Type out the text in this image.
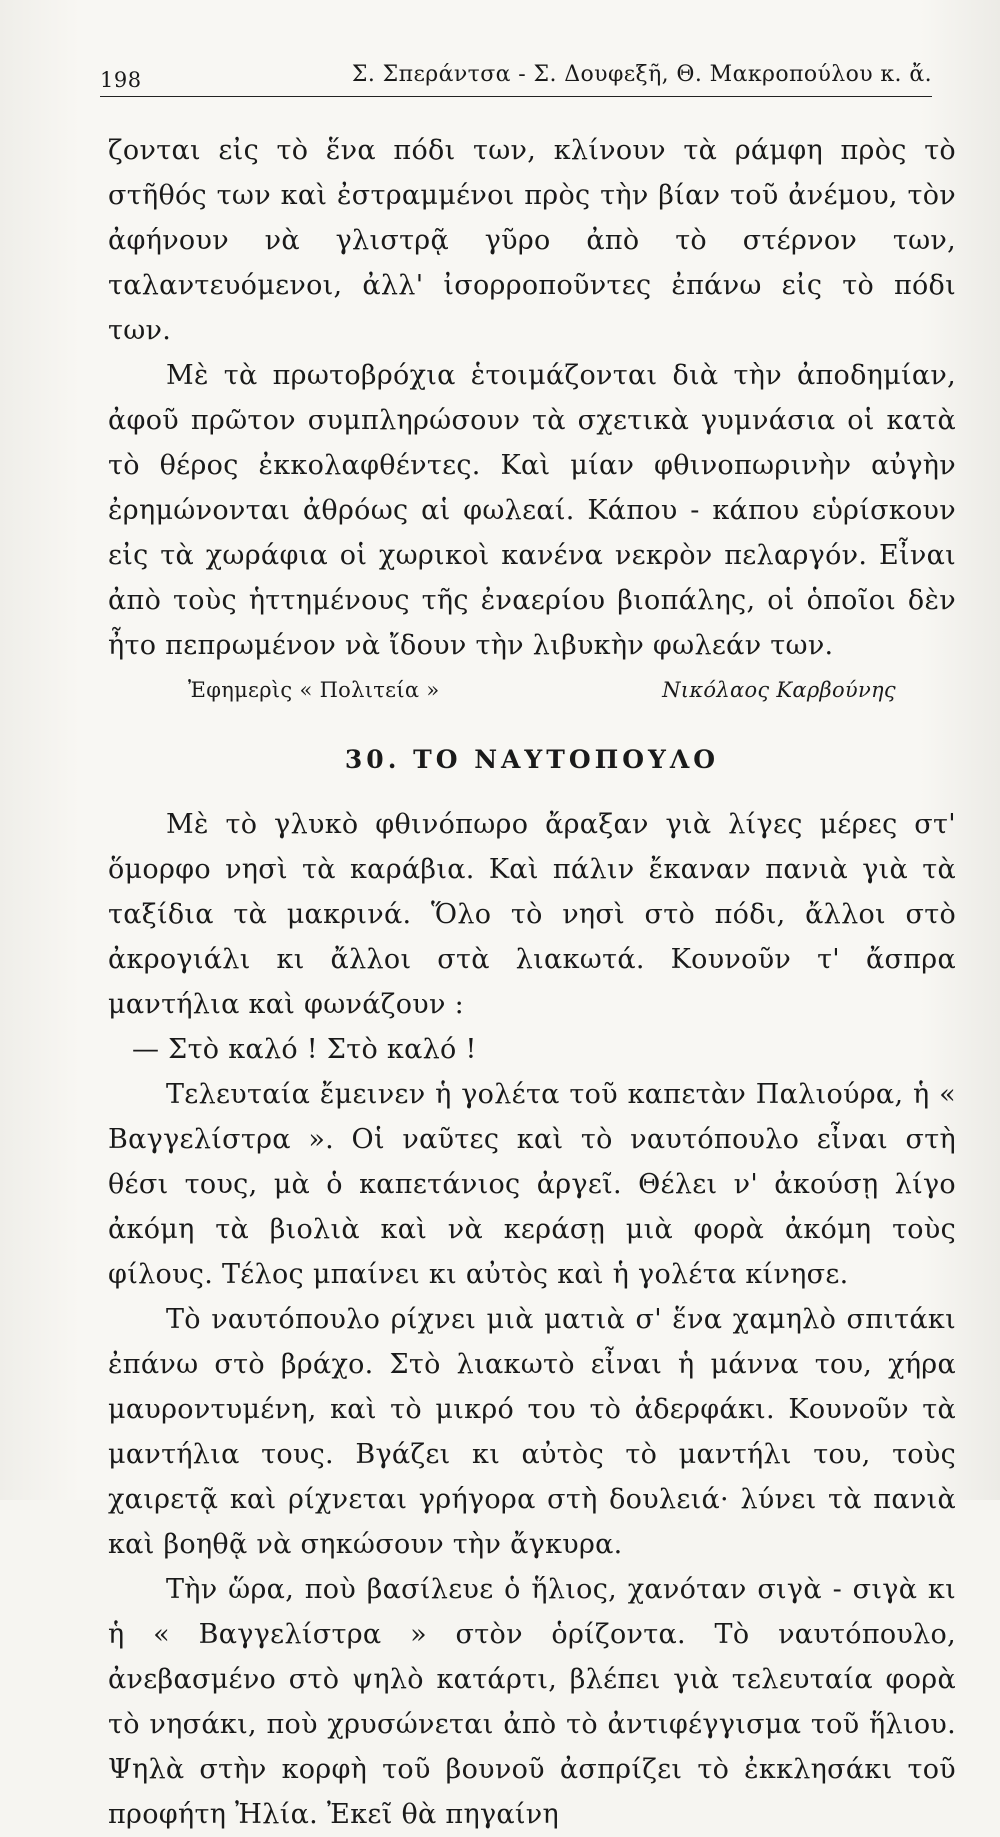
198	Σ. Σπεράντσα - Σ. Δουφεξῆ, Θ. Μακροπούλου κ. ἄ.

ζονται εἰς τὸ ἕνα πόδι των, κλίνουν τὰ ράμφη πρὸς τὸ στῆθός των καὶ ἐστραμμένοι πρὸς τὴν βίαν τοῦ ἀνέμου, τὸν ἀφήνουν νὰ γλιστρᾷ γῦρο ἀπὸ τὸ στέρνον των, ταλαντευόμενοι, ἀλλ' ἰσορροποῦντες ἐπάνω εἰς τὸ πόδι των.

Μὲ τὰ πρωτοβρόχια ἑτοιμάζονται διὰ τὴν ἀποδημίαν, ἀφοῦ πρῶτον συμπληρώσουν τὰ σχετικὰ γυμνάσια οἱ κατὰ τὸ θέρος ἐκκολαφθέντες. Καὶ μίαν φθινοπωρινὴν αὐγὴν ἐρημώνονται ἀθρόως αἱ φωλεαί. Κάπου - κάπου εὑρίσκουν εἰς τὰ χωράφια οἱ χωρικοὶ κανένα νεκρὸν πελαργόν. Εἶναι ἀπὸ τοὺς ἡττημένους τῆς ἐναερίου βιοπάλης, οἱ ὁποῖοι δὲν ἦτο πεπρωμένον νὰ ἴδουν τὴν λιβυκὴν φωλεάν των.

Ἐφημερὶς « Πολιτεία »	Νικόλαος Καρβούνης
30. ΤΟ ΝΑΥΤΟΠΟΥΛΟ

Μὲ τὸ γλυκὸ φθινόπωρο ἄραξαν γιὰ λίγες μέρες στ' ὅμορφο νησὶ τὰ καράβια. Καὶ πάλιν ἔκαναν πανιὰ γιὰ τὰ ταξίδια τὰ μακρινά. Ὅλο τὸ νησὶ στὸ πόδι, ἄλλοι στὸ ἀκρογιάλι κι ἄλλοι στὰ λιακωτά. Κουνοῦν τ' ἄσπρα μαντήλια καὶ φωνάζουν :

— Στὸ καλό ! Στὸ καλό !

Τελευταία ἔμεινεν ἡ γολέτα τοῦ καπετὰν Παλιούρα, ἡ « Βαγγελίστρα ». Οἱ ναῦτες καὶ τὸ ναυτόπουλο εἶναι στὴ θέσι τους, μὰ ὁ καπετάνιος ἀργεῖ. Θέλει ν' ἀκούσῃ λίγο ἀκόμη τὰ βιολιὰ καὶ νὰ κεράσῃ μιὰ φορὰ ἀκόμη τοὺς φίλους. Τέλος μπαίνει κι αὐτὸς καὶ ἡ γολέτα κίνησε.

Τὸ ναυτόπουλο ρίχνει μιὰ ματιὰ σ' ἕνα χαμηλὸ σπιτάκι ἐπάνω στὸ βράχο. Στὸ λιακωτὸ εἶναι ἡ μάννα του, χήρα μαυροντυμένη, καὶ τὸ μικρό του τὸ ἀδερφάκι. Κουνοῦν τὰ μαντήλια τους. Βγάζει κι αὐτὸς τὸ μαντήλι του, τοὺς χαιρετᾷ καὶ ρίχνεται γρήγορα στὴ δουλειά· λύνει τὰ πανιὰ καὶ βοηθᾷ νὰ σηκώσουν τὴν ἄγκυρα.

Τὴν ὥρα, ποὺ βασίλευε ὁ ἥλιος, χανόταν σιγὰ - σιγὰ κι ἡ « Βαγγελίστρα » στὸν ὁρίζοντα. Τὸ ναυτόπουλο, ἀνεβασμένο στὸ ψηλὸ κατάρτι, βλέπει γιὰ τελευταία φορὰ τὸ νησάκι, ποὺ χρυσώνεται ἀπὸ τὸ ἀντιφέγγισμα τοῦ ἥλιου. Ψηλὰ στὴν κορφὴ τοῦ βουνοῦ ἀσπρίζει τὸ ἐκκλησάκι τοῦ προφήτη Ἠλία. Ἐκεῖ θὰ πηγαίνη
